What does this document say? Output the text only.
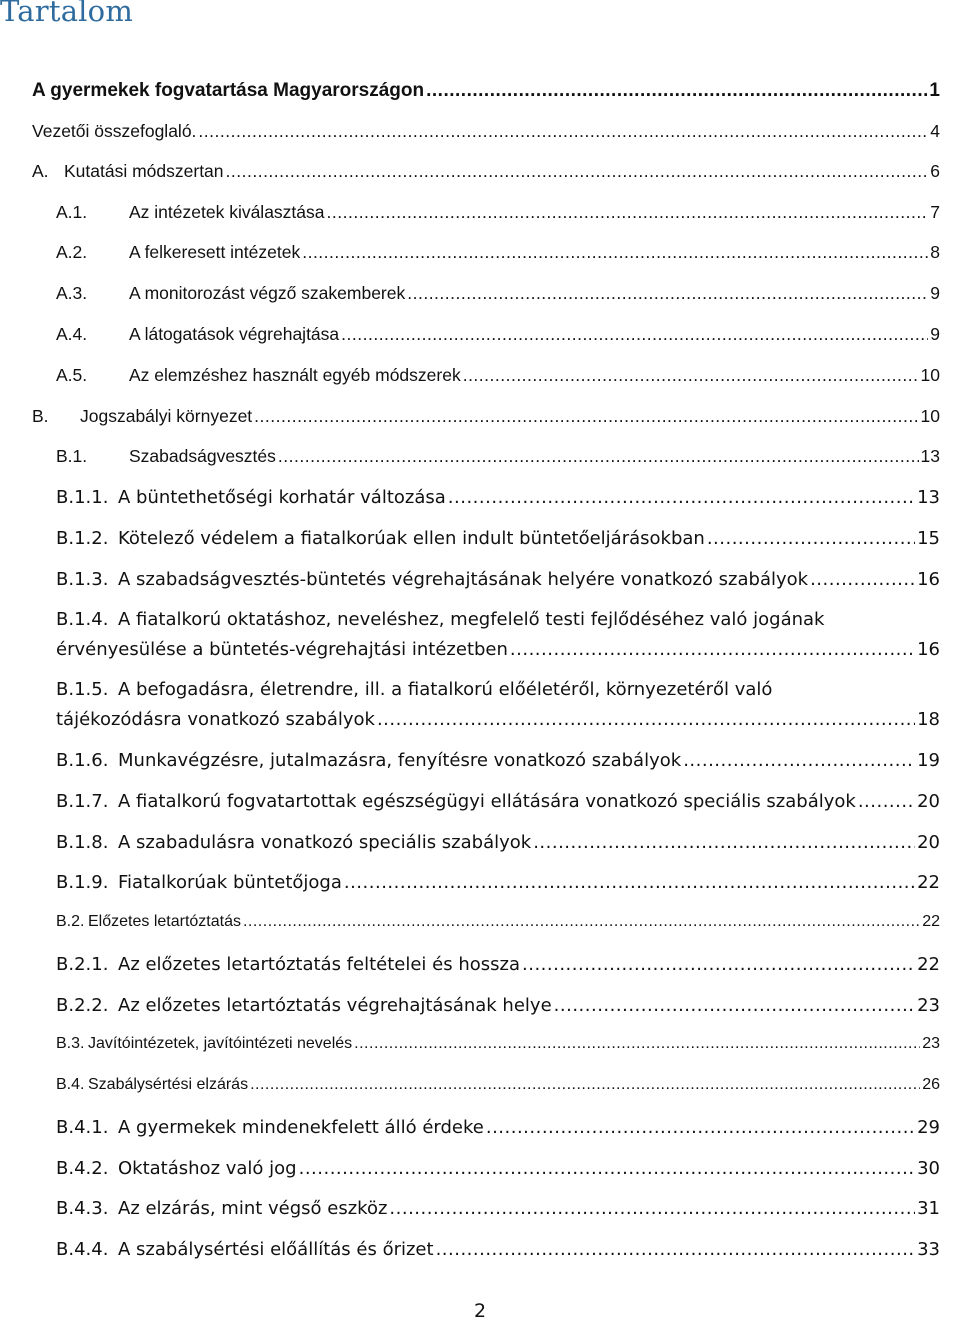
Tartalom
A gyermekek fogvatartása Magyarországon .....	1
Vezetői összefoglaló. .....	4
A. Kutatási módszertan .....	6
A.1.	Az intézetek kiválasztása .....	7
A.2.	A felkeresett intézetek .....	8
A.3.	A monitorozást végző szakemberek .....	9
A.4.	A látogatások végrehajtása .....	9
A.5.	Az elemzéshez használt egyéb módszerek .....	10
B.	Jogszabályi környezet .....	10
B.1.	Szabadságvesztés .....	13
B.1.1. A büntethetőségi korhatár változása .....	13
B.1.2. Kötelező védelem a fiatalkorúak ellen indult büntetőeljárásokban .....	15
B.1.3. A szabadságvesztés-büntetés végrehajtásának helyére vonatkozó szabályok .....	16
B.1.4. A fiatalkorú oktatáshoz, neveléshez, megfelelő testi fejlődéséhez való jogának
érvényesülése a büntetés-végrehajtási intézetben .....	16
B.1.5. A befogadásra, életrendre, ill. a fiatalkorú előéletéről, környezetéről való
tájékozódásra vonatkozó szabályok .....	18
B.1.6. Munkavégzésre, jutalmazásra, fenyítésre vonatkozó szabályok .....	19
B.1.7. A fiatalkorú fogvatartottak egészségügyi ellátására vonatkozó speciális szabályok .....	20
B.1.8. A szabadulásra vonatkozó speciális szabályok .....	20
B.1.9. Fiatalkorúak büntetőjoga .....	22
B.2. Előzetes letartóztatás .....	22
B.2.1. Az előzetes letartóztatás feltételei és hossza .....	22
B.2.2. Az előzetes letartóztatás végrehajtásának helye .....	23
B.3. Javítóintézetek, javítóintézeti nevelés .....	23
B.4. Szabálysértési elzárás .....	26
B.4.1. A gyermekek mindenekfelett álló érdeke .....	29
B.4.2. Oktatáshoz való jog .....	30
B.4.3. Az elzárás, mint végső eszköz .....	31
B.4.4. A szabálysértési előállítás és őrizet .....	33
2
